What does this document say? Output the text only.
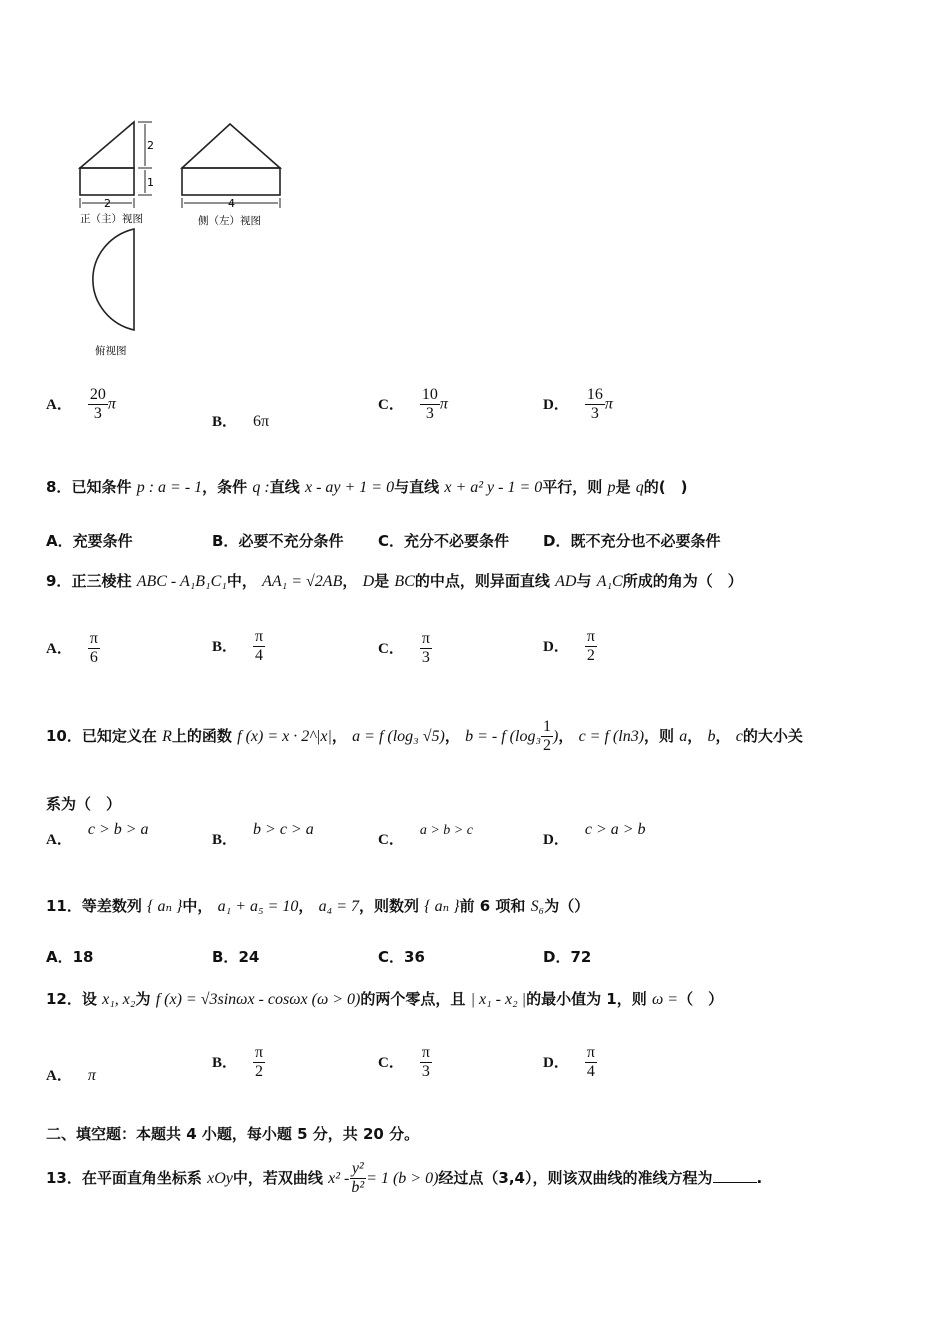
2
1
2
正（主）视图
4
侧（左）视图
俯视图
A． $\frac{20}{3}$ π
B． 6π
C． $\frac{10}{3}$ π	D． $\frac{16}{3}$ π
8．已知条件 p : a = - 1，条件 q :直线 x - ay + 1 = 0与直线 x + a² y - 1 = 0平行，则 p是 q的(　)
A．充要条件	B．必要不充分条件 C．充分不必要条件 D．既不充分也不必要条件
9．正三棱柱 ABC - A₁B₁C₁中， AA₁ = √2AB， D是 BC的中点，则异面直线 AD与 A₁C所成的角为（　）
A． $\frac{\pi}{6}$	B． $\frac{\pi}{4}$	C． $\frac{\pi}{3}$	D． $\frac{\pi}{2}$
10．已知定义在 R上的函数 f (x) = x · 2^|x|， a = f (log₃ √5)， b = - f ($\log_3 \frac{1}{2}$ )， c = f (ln3)，则 a， b， c的大小关
系为（　）
A．c > b > a
B．b > c > a
C．a > b > c
D．c > a > b
11．等差数列 { aₙ }中， a₁ + a₅ = 10， a₄ = 7，则数列 { aₙ }前 6 项和 S₆为（）
A．18	B．24	C．36	D．72
12．设 x₁, x₂为 f (x) = √3sinωx - cosωx (ω > 0)的两个零点，且 | x₁ - x₂ |的最小值为 1，则 ω =（　）
A． π
B． $\frac{\pi}{2}$	C． $\frac{\pi}{3}$	D． $\frac{\pi}{4}$
二、填空题：本题共 4 小题，每小题 5 分，共 20 分。
13．在平面直角坐标系 xOy中，若双曲线 $x^2 - \frac{\text{y²}}{\text{b²}} = 1$ (b > 0)经过点（3,4），则该双曲线的准线方程为	.
